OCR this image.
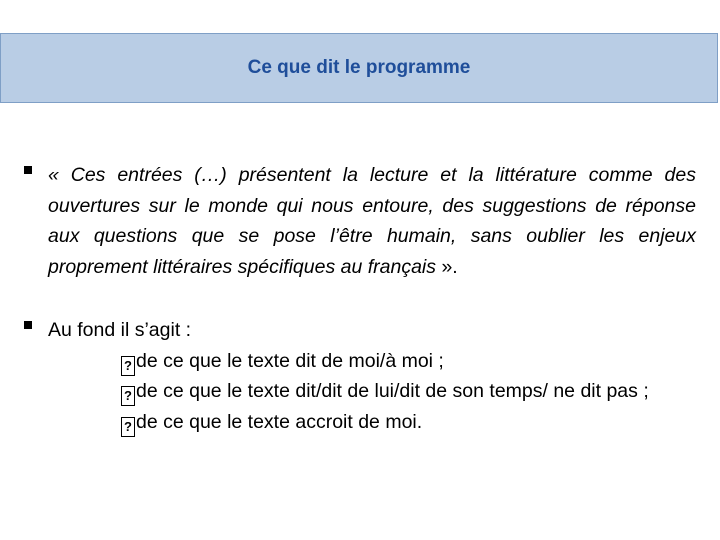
Ce que dit le programme
« Ces entrées (…) présentent la lecture et la littérature comme des ouvertures sur le monde qui nous entoure, des suggestions de réponse aux questions que se pose l’être humain, sans oublier les enjeux proprement littéraires spécifiques au français ».
Au fond il s’agit :
? de ce que le texte dit de moi/à moi ;
? de ce que le texte dit/dit de lui/dit de son temps/ ne dit pas ;
? de ce que le texte accroit de moi.
